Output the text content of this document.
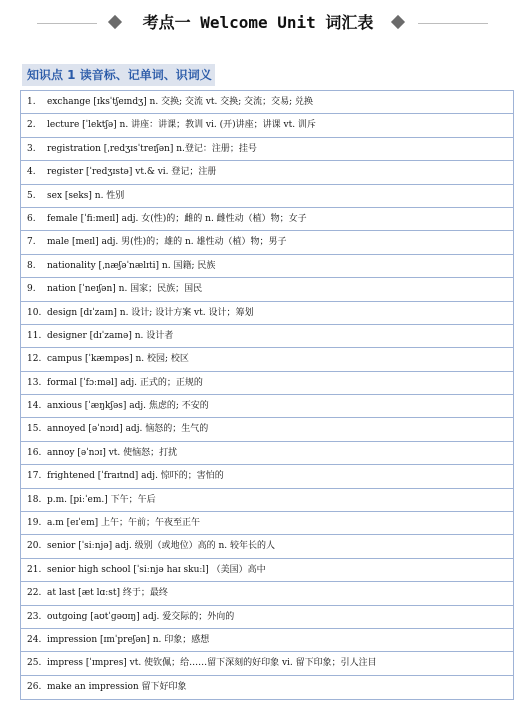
考点一 Welcome Unit 词汇表
知识点 1 读音标、记单词、识词义
1. exchange [ɪksˈtʃeɪndʒ] n. 交换; 交流 vt. 交换; 交流；交易; 兑换
2. lecture [ˈlektʃə] n. 讲座：讲课；教训 vi. (开)讲座；讲课 vt. 训斥
3. registration [ˌredʒɪsˈtreɪʃən] n.登记：注册；挂号
4. register [ˈredʒɪstə] vt.& vi. 登记；注册
5. sex [seks] n. 性别
6. female [ˈfiːmeɪl] adj. 女(性)的；雌的 n. 雌性动（植）物；女子
7. male [meɪl] adj. 男(性)的；雄的 n. 雄性动（植）物；男子
8. nationality [ˌnæʃəˈnælɪti] n. 国籍; 民族
9. nation [ˈneɪʃən] n. 国家；民族；国民
10. design [dɪˈzaɪn] n. 设计; 设计方案 vt. 设计；筹划
11. designer [dɪˈzaɪnə] n. 设计者
12. campus [ˈkæmpəs] n. 校园; 校区
13. formal [ˈfɔːməl] adj. 正式的；正规的
14. anxious [ˈæŋkʃəs] adj. 焦虑的; 不安的
15. annoyed [əˈnɔɪd] adj. 恼怒的；生气的
16. annoy [əˈnɔɪ] vt. 使恼怒；打扰
17. frightened [ˈfraɪtnd] adj. 惊吓的；害怕的
18. p.m. [piːˈem.] 下午；午后
19. a.m [eɪˈem] 上午；午前；午夜至正午
20. senior [ˈsiːnjə] adj. 级别（或地位）高的 n. 较年长的人
21. senior high school [ˈsiːnjə haɪ skuːl] （美国）高中
22. at last [æt lɑːst] 终于；最终
23. outgoing [aʊtˈɡəʊɪŋ] adj. 爱交际的；外向的
24. impression [ɪmˈpreʃən] n. 印象；感想
25. impress [ˈɪmpres] vt. 使钦佩；给……留下深刻的好印象 vi. 留下印象；引人注目
26. make an impression 留下好印象
